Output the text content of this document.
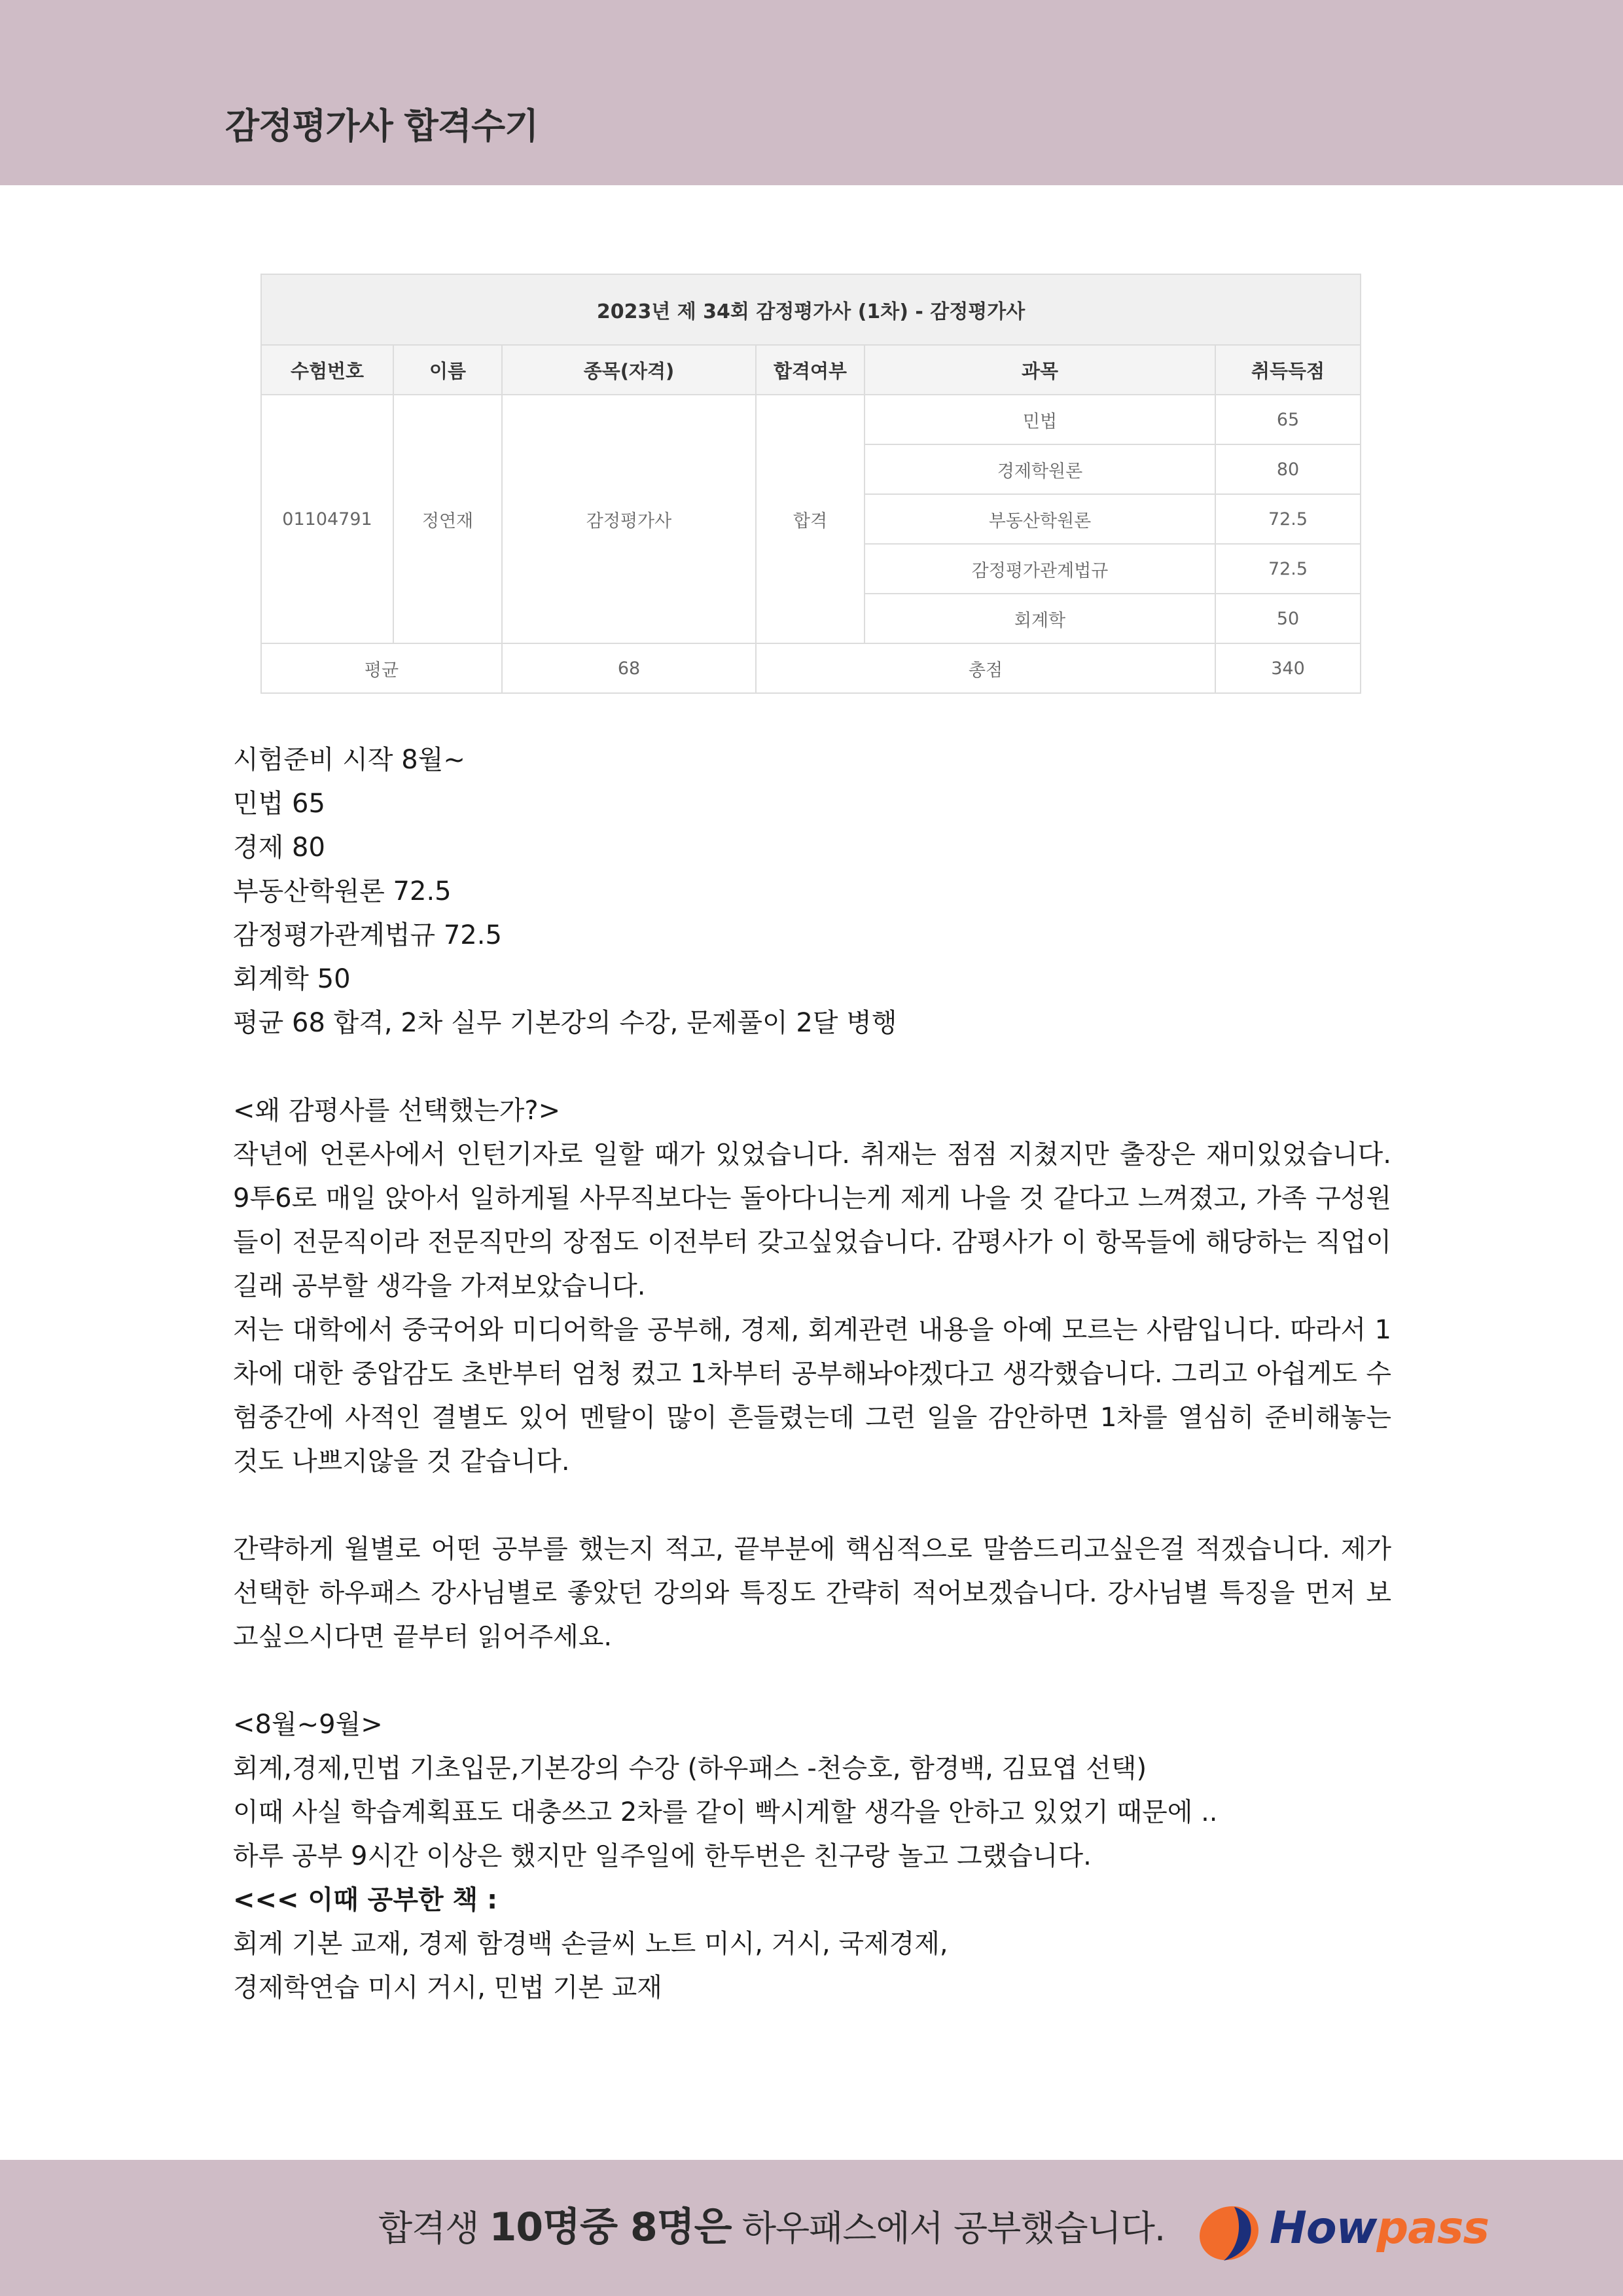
감정평가사 합격수기
2023년 제 34회 감정평가사 (1차) - 감정평가사					
수험번호	이름	종목(자격)	합격여부	과목	취득득점
01104791	정연재	감정평가사	합격	민법	65
				경제학원론	80
				부동산학원론	72.5
				감정평가관계법규	72.5
				회계학	50
평균		68	총점		340
시험준비 시작 8월~
민법 65
경제 80
부동산학원론 72.5
감정평가관계법규 72.5
회계학 50
평균 68 합격, 2차 실무 기본강의 수강, 문제풀이 2달 병행
<왜 감평사를 선택했는가?>

작년에 언론사에서 인턴기자로 일할 때가 있었습니다. 취재는 점점 지쳤지만 출장은 재미있었습니다. 9투6로 매일 앉아서 일하게될 사무직보다는 돌아다니는게 제게 나을 것 같다고 느껴졌고, 가족 구성원들이 전문직이라 전문직만의 장점도 이전부터 갖고싶었습니다. 감평사가 이 항목들에 해당하는 직업이길래 공부할 생각을 가져보았습니다.

저는 대학에서 중국어와 미디어학을 공부해, 경제, 회계관련 내용을 아예 모르는 사람입니다. 따라서 1차에 대한 중압감도 초반부터 엄청 컸고 1차부터 공부해놔야겠다고 생각했습니다. 그리고 아쉽게도 수험중간에 사적인 결별도 있어 멘탈이 많이 흔들렸는데 그런 일을 감안하면 1차를 열심히 준비해놓는 것도 나쁘지않을 것 같습니다.

간략하게 월별로 어떤 공부를 했는지 적고, 끝부분에 핵심적으로 말씀드리고싶은걸 적겠습니다. 제가 선택한 하우패스 강사님별로 좋았던 강의와 특징도 간략히 적어보겠습니다. 강사님별 특징을 먼저 보고싶으시다면 끝부터 읽어주세요.

<8월~9월>
회계,경제,민법 기초입문,기본강의 수강 (하우패스 -천승호, 함경백, 김묘엽 선택)
이때 사실 학습계획표도 대충쓰고 2차를 같이 빡시게할 생각을 안하고 있었기 때문에 ..
하루 공부 9시간 이상은 했지만 일주일에 한두번은 친구랑 놀고 그랬습니다.
<<< 이때 공부한 책 :
회계 기본 교재, 경제 함경백 손글씨 노트 미시, 거시, 국제경제,
경제학연습 미시 거시, 민법 기본 교재
합격생 10명중 8명은 하우패스에서 공부했습니다. Howpass
